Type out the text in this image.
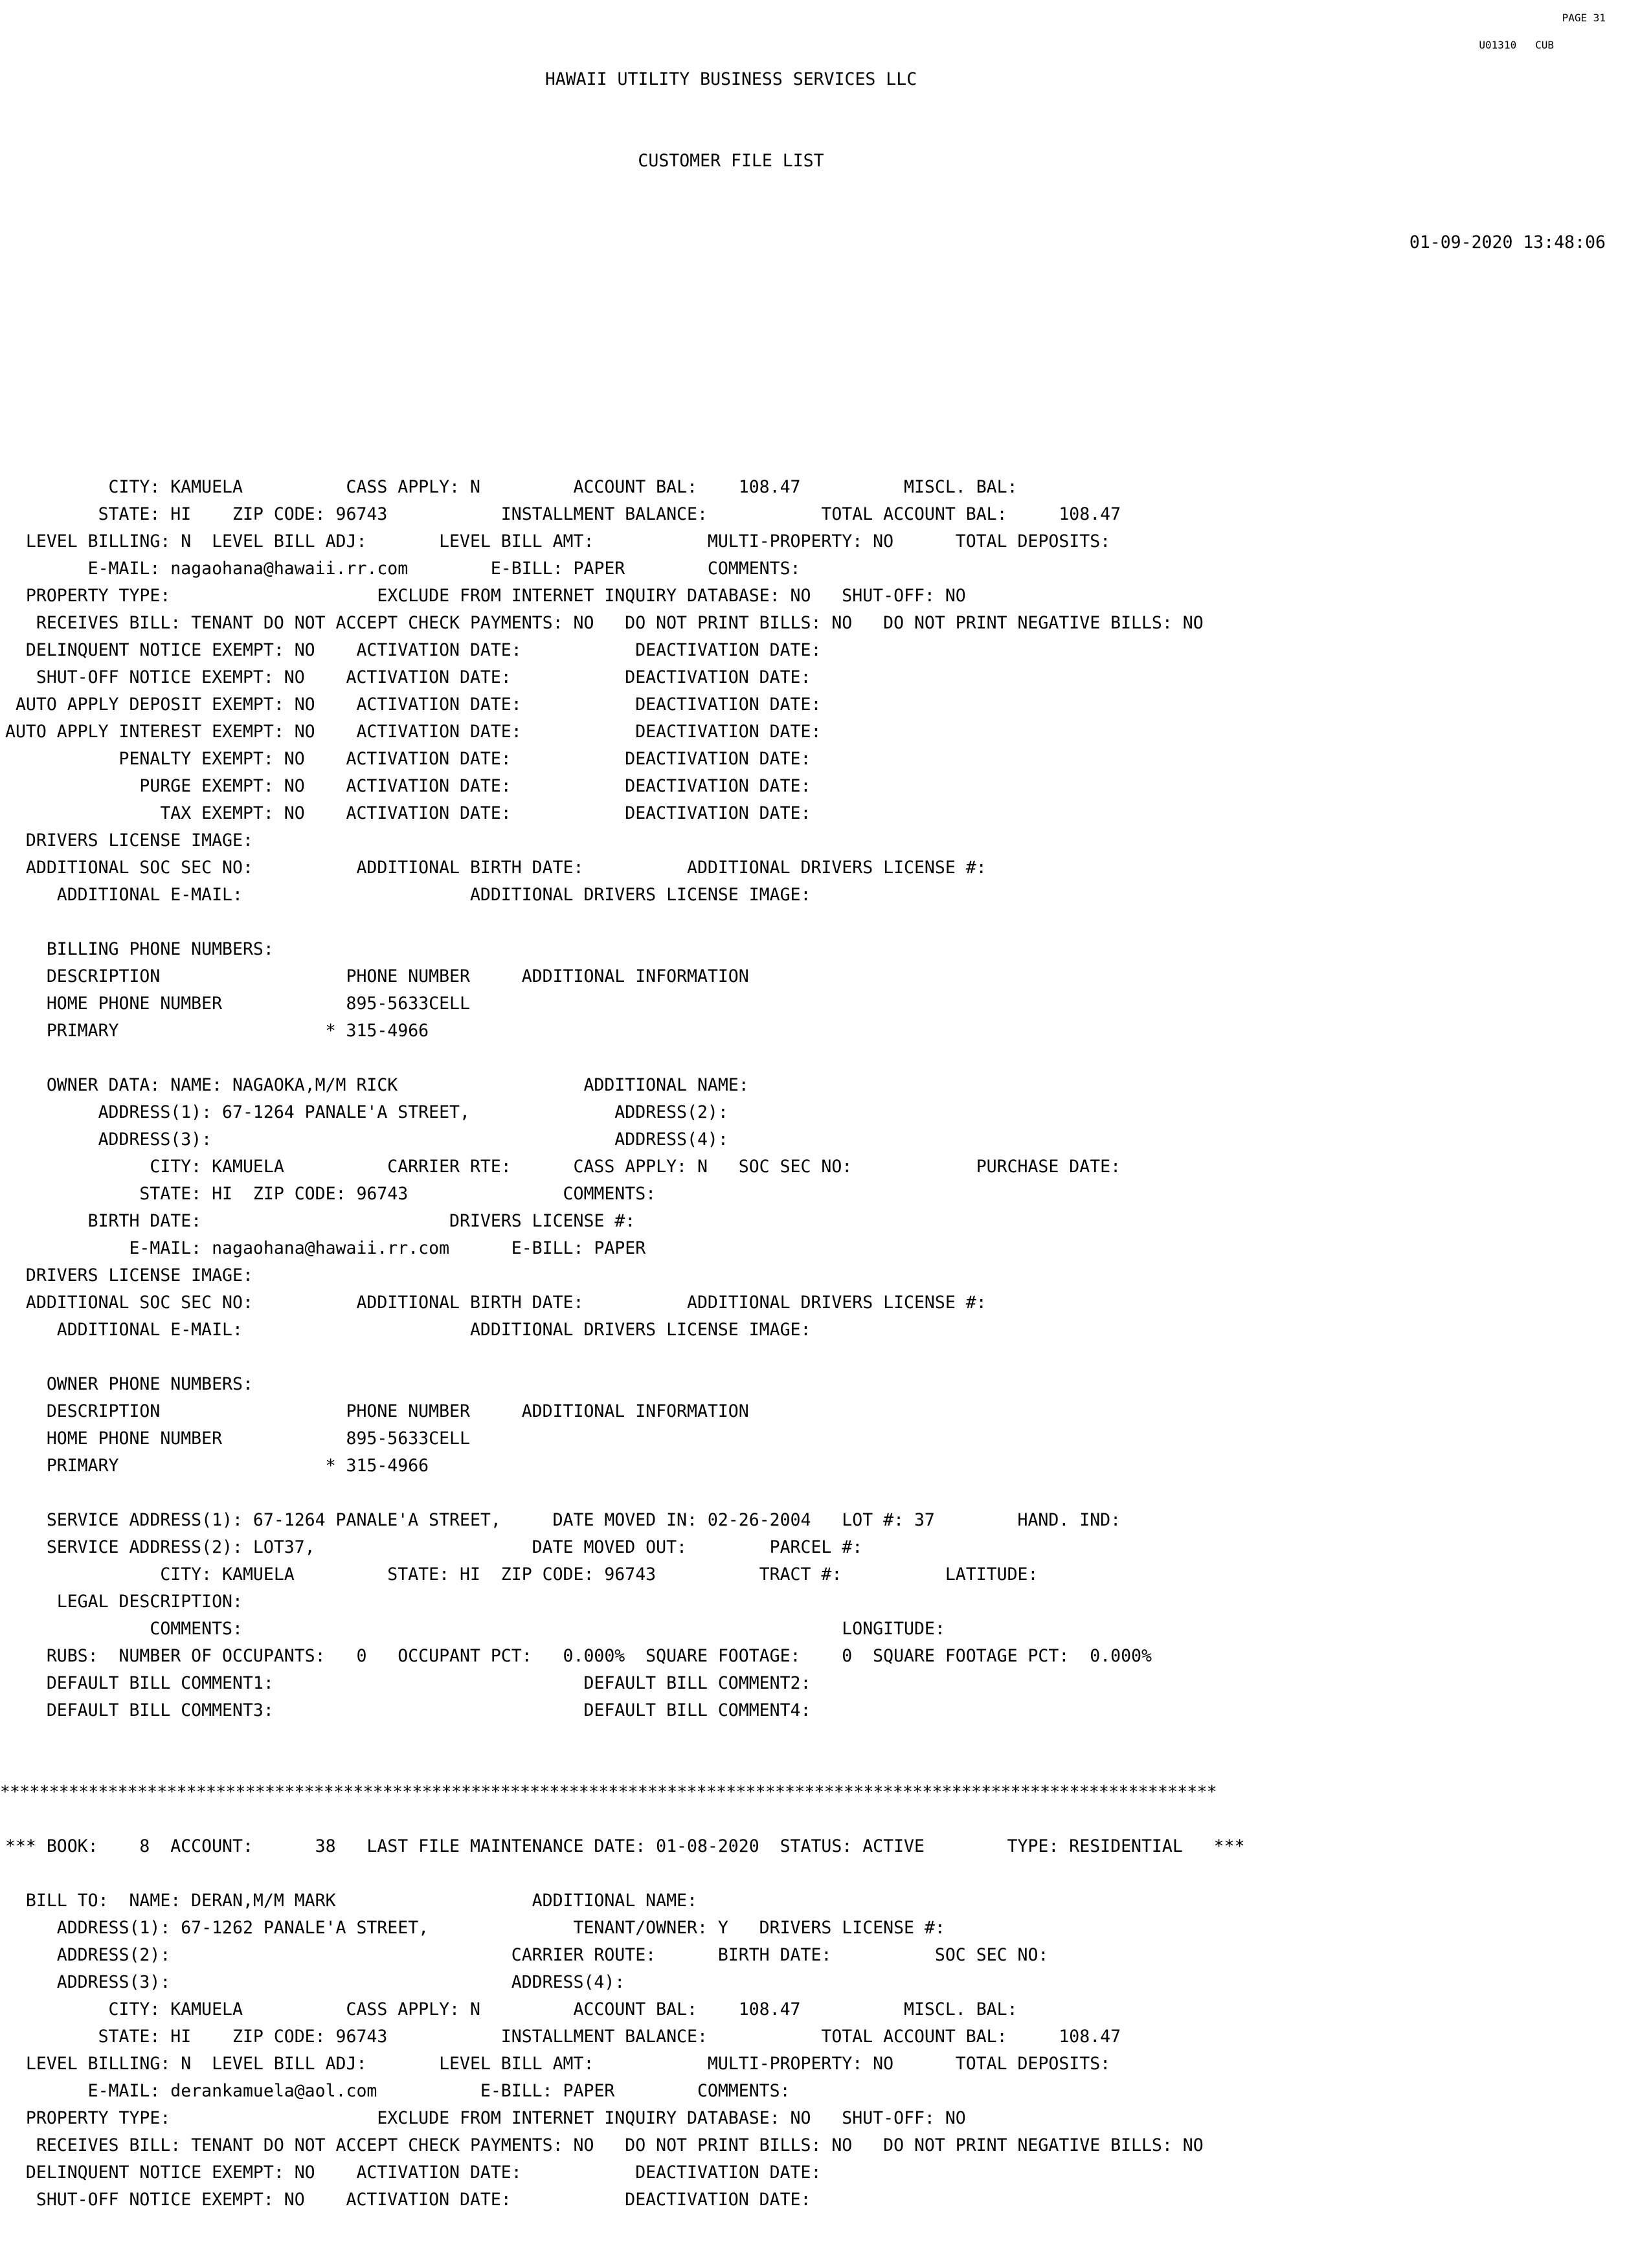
HAWAII UTILITY BUSINESS SERVICES LLC

CUSTOMER FILE LIST

01-09-2020 13:48:06

CITY: KAMUELA          CASS APPLY: N         ACCOUNT BAL:    108.47          MISCL. BAL:
STATE: HI    ZIP CODE: 96743           INSTALLMENT BALANCE:           TOTAL ACCOUNT BAL:     108.47
LEVEL BILLING: N  LEVEL BILL ADJ:       LEVEL BILL AMT:           MULTI-PROPERTY: NO      TOTAL DEPOSITS:
E-MAIL: nagaohana@hawaii.rr.com        E-BILL: PAPER        COMMENTS:
PROPERTY TYPE:                    EXCLUDE FROM INTERNET INQUIRY DATABASE: NO   SHUT-OFF: NO
RECEIVES BILL: TENANT DO NOT ACCEPT CHECK PAYMENTS: NO   DO NOT PRINT BILLS: NO   DO NOT PRINT NEGATIVE BILLS: NO
DELINQUENT NOTICE EXEMPT: NO    ACTIVATION DATE:           DEACTIVATION DATE:
SHUT-OFF NOTICE EXEMPT: NO    ACTIVATION DATE:           DEACTIVATION DATE:
AUTO APPLY DEPOSIT EXEMPT: NO    ACTIVATION DATE:           DEACTIVATION DATE:
AUTO APPLY INTEREST EXEMPT: NO    ACTIVATION DATE:           DEACTIVATION DATE:
PENALTY EXEMPT: NO    ACTIVATION DATE:           DEACTIVATION DATE:
PURGE EXEMPT: NO    ACTIVATION DATE:           DEACTIVATION DATE:
TAX EXEMPT: NO    ACTIVATION DATE:           DEACTIVATION DATE:
DRIVERS LICENSE IMAGE:
ADDITIONAL SOC SEC NO:          ADDITIONAL BIRTH DATE:          ADDITIONAL DRIVERS LICENSE #:
ADDITIONAL E-MAIL:                      ADDITIONAL DRIVERS LICENSE IMAGE:
BILLING PHONE NUMBERS:
DESCRIPTION                  PHONE NUMBER     ADDITIONAL INFORMATION
HOME PHONE NUMBER            895-5633CELL
PRIMARY                    * 315-4966
OWNER DATA: NAME: NAGAOKA,M/M RICK                  ADDITIONAL NAME:
ADDRESS(1): 67-1264 PANALE'A STREET,              ADDRESS(2):
ADDRESS(3):                                       ADDRESS(4):
CITY: KAMUELA          CARRIER RTE:      CASS APPLY: N   SOC SEC NO:            PURCHASE DATE:
STATE: HI  ZIP CODE: 96743               COMMENTS:
BIRTH DATE:                        DRIVERS LICENSE #:
E-MAIL: nagaohana@hawaii.rr.com      E-BILL: PAPER
DRIVERS LICENSE IMAGE:
ADDITIONAL SOC SEC NO:          ADDITIONAL BIRTH DATE:          ADDITIONAL DRIVERS LICENSE #:
ADDITIONAL E-MAIL:                      ADDITIONAL DRIVERS LICENSE IMAGE:
OWNER PHONE NUMBERS:
DESCRIPTION                  PHONE NUMBER     ADDITIONAL INFORMATION
HOME PHONE NUMBER            895-5633CELL
PRIMARY                    * 315-4966
SERVICE ADDRESS(1): 67-1264 PANALE'A STREET,     DATE MOVED IN: 02-26-2004   LOT #: 37        HAND. IND:
SERVICE ADDRESS(2): LOT37,                     DATE MOVED OUT:        PARCEL #:
CITY: KAMUELA         STATE: HI  ZIP CODE: 96743          TRACT #:          LATITUDE:
LEGAL DESCRIPTION:
COMMENTS:                                                          LONGITUDE:
RUBS:  NUMBER OF OCCUPANTS:   0   OCCUPANT PCT:   0.000%  SQUARE FOOTAGE:    0  SQUARE FOOTAGE PCT:  0.000%
DEFAULT BILL COMMENT1:                              DEFAULT BILL COMMENT2:
DEFAULT BILL COMMENT3:                              DEFAULT BILL COMMENT4:
****************************************************************************************************************************
*** BOOK:    8  ACCOUNT:      38   LAST FILE MAINTENANCE DATE: 01-08-2020  STATUS: ACTIVE        TYPE: RESIDENTIAL   ***
BILL TO:  NAME: DERAN,M/M MARK                   ADDITIONAL NAME:
ADDRESS(1): 67-1262 PANALE'A STREET,              TENANT/OWNER: Y   DRIVERS LICENSE #:
ADDRESS(2):                                 CARRIER ROUTE:      BIRTH DATE:          SOC SEC NO:
ADDRESS(3):                                 ADDRESS(4):
CITY: KAMUELA          CASS APPLY: N         ACCOUNT BAL:    108.47          MISCL. BAL:
STATE: HI    ZIP CODE: 96743           INSTALLMENT BALANCE:           TOTAL ACCOUNT BAL:     108.47
LEVEL BILLING: N  LEVEL BILL ADJ:       LEVEL BILL AMT:           MULTI-PROPERTY: NO      TOTAL DEPOSITS:
E-MAIL: derankamuela@aol.com          E-BILL: PAPER        COMMENTS:
PROPERTY TYPE:                    EXCLUDE FROM INTERNET INQUIRY DATABASE: NO   SHUT-OFF: NO
RECEIVES BILL: TENANT DO NOT ACCEPT CHECK PAYMENTS: NO   DO NOT PRINT BILLS: NO   DO NOT PRINT NEGATIVE BILLS: NO
DELINQUENT NOTICE EXEMPT: NO    ACTIVATION DATE:           DEACTIVATION DATE:
SHUT-OFF NOTICE EXEMPT: NO    ACTIVATION DATE:           DEACTIVATION DATE:

PAGE 31
U01310   CUB
